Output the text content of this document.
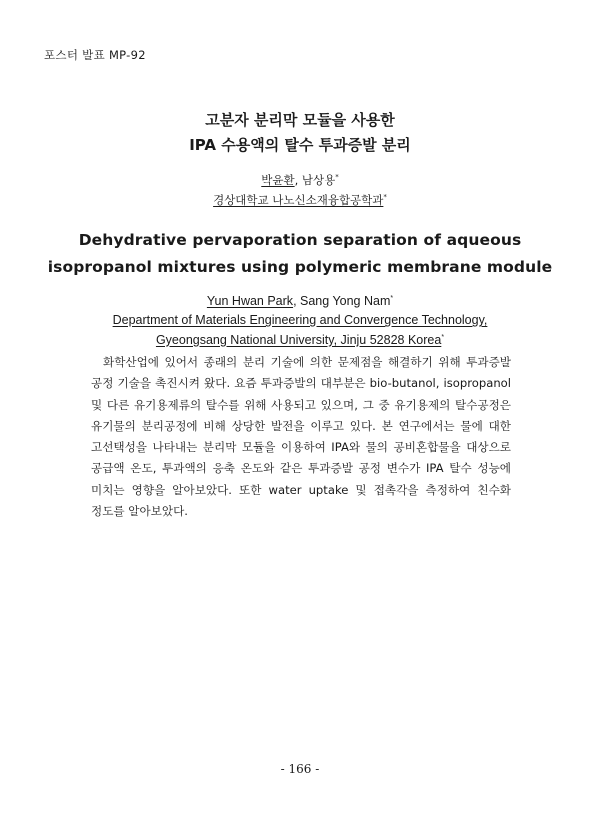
포스터 발표 MP-92
고분자 분리막 모듈을 사용한
IPA 수용액의 탈수 투과증발 분리
박윤환, 남상용*
경상대학교 나노신소재융합공학과*
Dehydrative pervaporation separation of aqueous
isopropanol mixtures using polymeric membrane module
Yun Hwan Park, Sang Yong Nam*
Department of Materials Engineering and Convergence Technology,
Gyeongsang National University, Jinju 52828 Korea*
화학산업에 있어서 종래의 분리 기술에 의한 문제점을 해결하기 위해 투과증발 공정 기술을 촉진시켜 왔다. 요즘 투과증발의 대부분은 bio-butanol, isopropanol 및 다른 유기용제류의 탈수를 위해 사용되고 있으며, 그 중 유기용제의 탈수공정은 유기물의 분리공정에 비해 상당한 발전을 이루고 있다. 본 연구에서는 물에 대한 고선택성을 나타내는 분리막 모듈을 이용하여 IPA와 물의 공비혼합물을 대상으로 공급액 온도, 투과액의 응축 온도와 같은 투과증발 공정 변수가 IPA 탈수 성능에 미치는 영향을 알아보았다. 또한 water uptake 및 접촉각을 측정하여 친수화 정도를 알아보았다.
- 166 -
